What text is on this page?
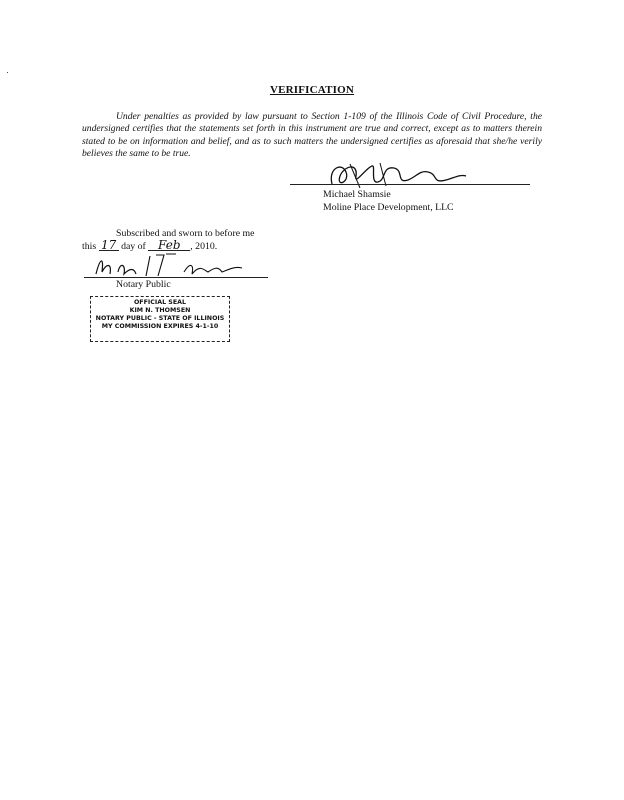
VERIFICATION
Under penalties as provided by law pursuant to Section 1-109 of the Illinois Code of Civil Procedure, the undersigned certifies that the statements set forth in this instrument are true and correct, except as to matters therein stated to be on information and belief, and as to such matters the undersigned certifies as aforesaid that she/he verily believes the same to be true.
Michael Shamsie
Moline Place Development, LLC
Subscribed and sworn to before me
this 17 day of Feb , 2010.
Notary Public
OFFICIAL SEAL
KIM N. THOMSEN
NOTARY PUBLIC - STATE OF ILLINOIS
MY COMMISSION EXPIRES 4-1-10
